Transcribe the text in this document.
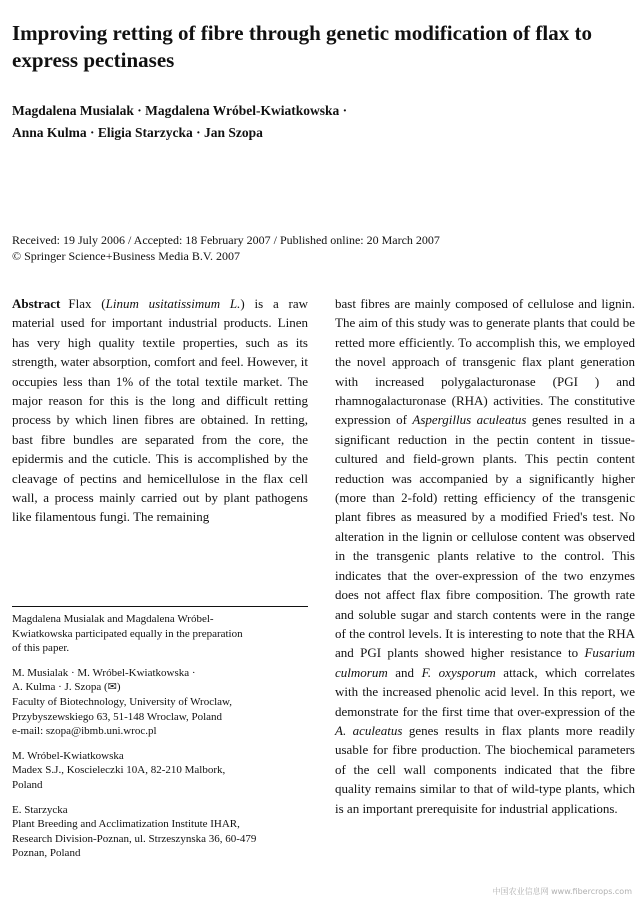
Improving retting of fibre through genetic modification of flax to express pectinases
Magdalena Musialak · Magdalena Wróbel-Kwiatkowska ·
Anna Kulma · Eligia Starzycka · Jan Szopa
Received: 19 July 2006 / Accepted: 18 February 2007 / Published online: 20 March 2007
© Springer Science+Business Media B.V. 2007

Abstract Flax (Linum usitatissimum L.) is a raw material used for important industrial products. Linen has very high quality textile properties, such as its strength, water absorption, comfort and feel. However, it occupies less than 1% of the total textile market. The major reason for this is the long and difficult retting process by which linen fibres are obtained. In retting, bast fibre bundles are separated from the core, the epidermis and the cuticle. This is accomplished by the cleavage of pectins and hemicellulose in the flax cell wall, a process mainly carried out by plant pathogens like filamentous fungi. The remaining

bast fibres are mainly composed of cellulose and lignin. The aim of this study was to generate plants that could be retted more efficiently. To accomplish this, we employed the novel approach of transgenic flax plant generation with increased polygalacturonase (PGI ) and rhamnogalacturonase (RHA) activities. The constitutive expression of Aspergillus aculeatus genes resulted in a significant reduction in the pectin content in tissue-cultured and field-grown plants. This pectin content reduction was accompanied by a significantly higher (more than 2-fold) retting efficiency of the transgenic plant fibres as measured by a modified Fried's test. No alteration in the lignin or cellulose content was observed in the transgenic plants relative to the control. This indicates that the over-expression of the two enzymes does not affect flax fibre composition. The growth rate and soluble sugar and starch contents were in the range of the control levels. It is interesting to note that the RHA and PGI plants showed higher resistance to Fusarium culmorum and F. oxysporum attack, which correlates with the increased phenolic acid level. In this report, we demonstrate for the first time that over-expression of the A. aculeatus genes results in flax plants more readily usable for fibre production. The biochemical parameters of the cell wall components indicated that the fibre quality remains similar to that of wild-type plants, which is an important prerequisite for industrial applications.

Magdalena Musialak and Magdalena Wróbel-
Kwiatkowska participated equally in the preparation
of this paper.

M. Musialak · M. Wróbel-Kwiatkowska ·
A. Kulma · J. Szopa (✉)
Faculty of Biotechnology, University of Wroclaw,
Przybyszewskiego 63, 51-148 Wroclaw, Poland
e-mail: szopa@ibmb.uni.wroc.pl

M. Wróbel-Kwiatkowska
Madex S.J., Koscieleczki 10A, 82-210 Malbork,
Poland

E. Starzycka
Plant Breeding and Acclimatization Institute IHAR,
Research Division-Poznan, ul. Strzeszynska 36, 60-479
Poznan, Poland

中国农业信息网 www.fibercrops.com
